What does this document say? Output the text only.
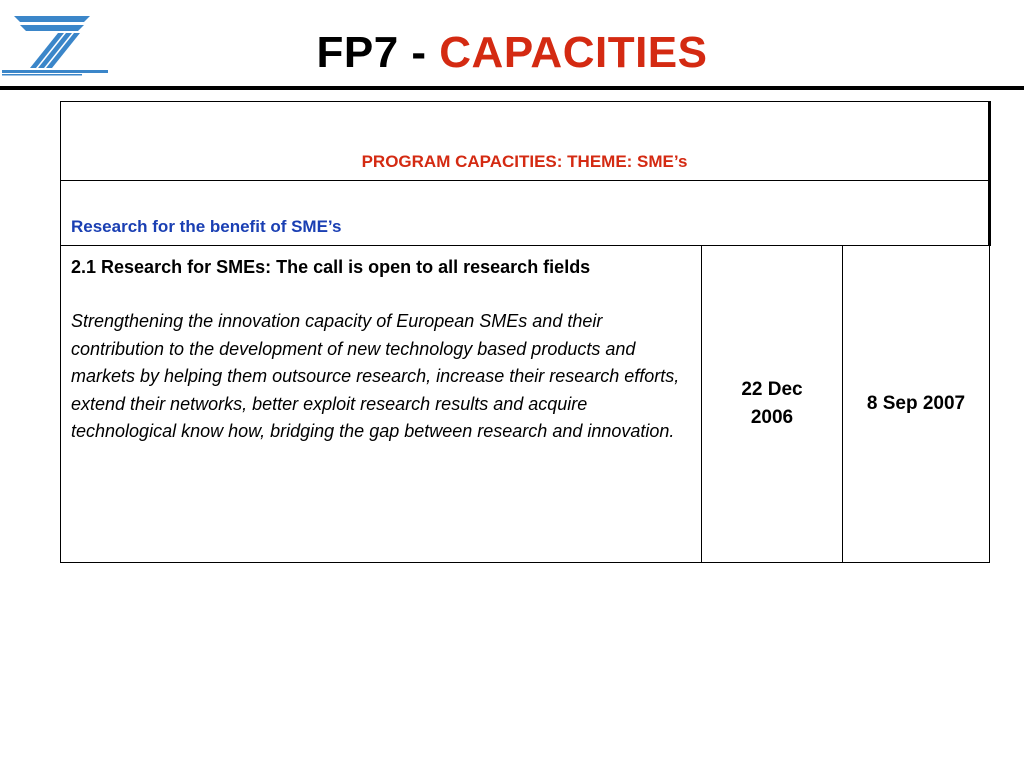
FP7 - CAPACITIES
PROGRAM CAPACITIES: THEME: SME’s

Research for the benefit of SME’s

2.1 Research for SMEs: The call is open to all research fields

Strengthening the innovation capacity of European SMEs and their contribution to the development of new technology based products and markets by helping them outsource research, increase their research efforts, extend their networks, better exploit research results and acquire technological know how, bridging the gap between research and innovation.

	22 Dec 2006	8 Sep 2007
